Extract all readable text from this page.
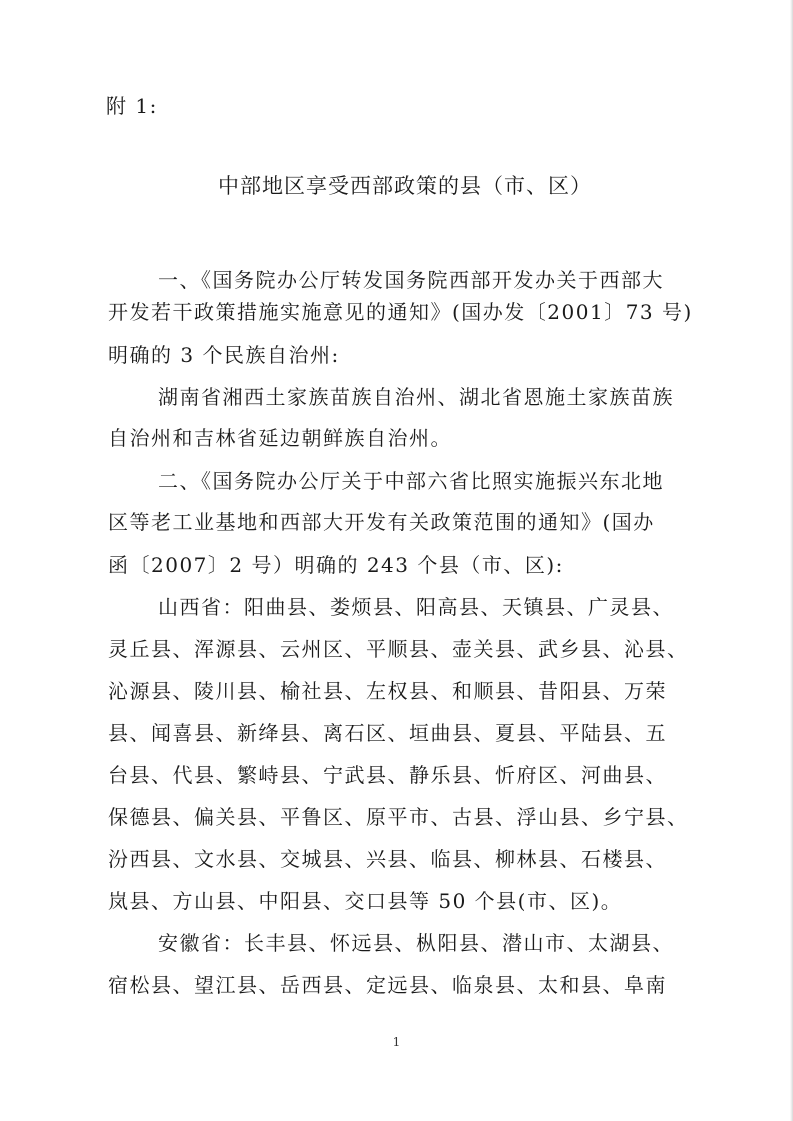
附 1:
中部地区享受西部政策的县（市、区）
一、《国务院办公厅转发国务院西部开发办关于西部大
开发若干政策措施实施意见的通知》(国办发〔2001〕73 号)
明确的 3 个民族自治州:
湖南省湘西土家族苗族自治州、湖北省恩施土家族苗族
自治州和吉林省延边朝鲜族自治州。
二、《国务院办公厅关于中部六省比照实施振兴东北地
区等老工业基地和西部大开发有关政策范围的通知》(国办
函〔2007〕2 号）明确的 243 个县（市、区):
山西省：阳曲县、娄烦县、阳高县、天镇县、广灵县、
灵丘县、浑源县、云州区、平顺县、壶关县、武乡县、沁县、
沁源县、陵川县、榆社县、左权县、和顺县、昔阳县、万荣
县、闻喜县、新绛县、离石区、垣曲县、夏县、平陆县、五
台县、代县、繁峙县、宁武县、静乐县、忻府区、河曲县、
保德县、偏关县、平鲁区、原平市、古县、浮山县、乡宁县、
汾西县、文水县、交城县、兴县、临县、柳林县、石楼县、
岚县、方山县、中阳县、交口县等 50 个县(市、区)。
安徽省：长丰县、怀远县、枞阳县、潜山市、太湖县、
宿松县、望江县、岳西县、定远县、临泉县、太和县、阜南
1
